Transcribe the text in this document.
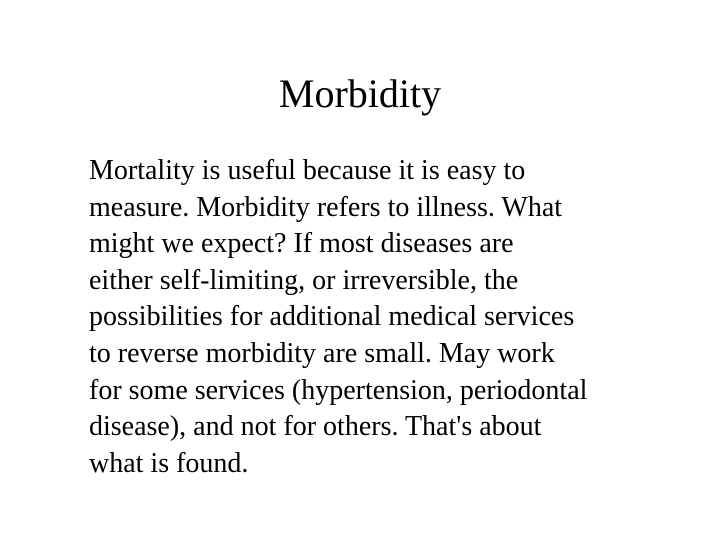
Morbidity

Mortality is useful because it is easy to
measure. Morbidity refers to illness. What
might we expect? If most diseases are
either self-limiting, or irreversible, the
possibilities for additional medical services
to reverse morbidity are small. May work
for some services (hypertension, periodontal
disease), and not for others. That's about
what is found.
